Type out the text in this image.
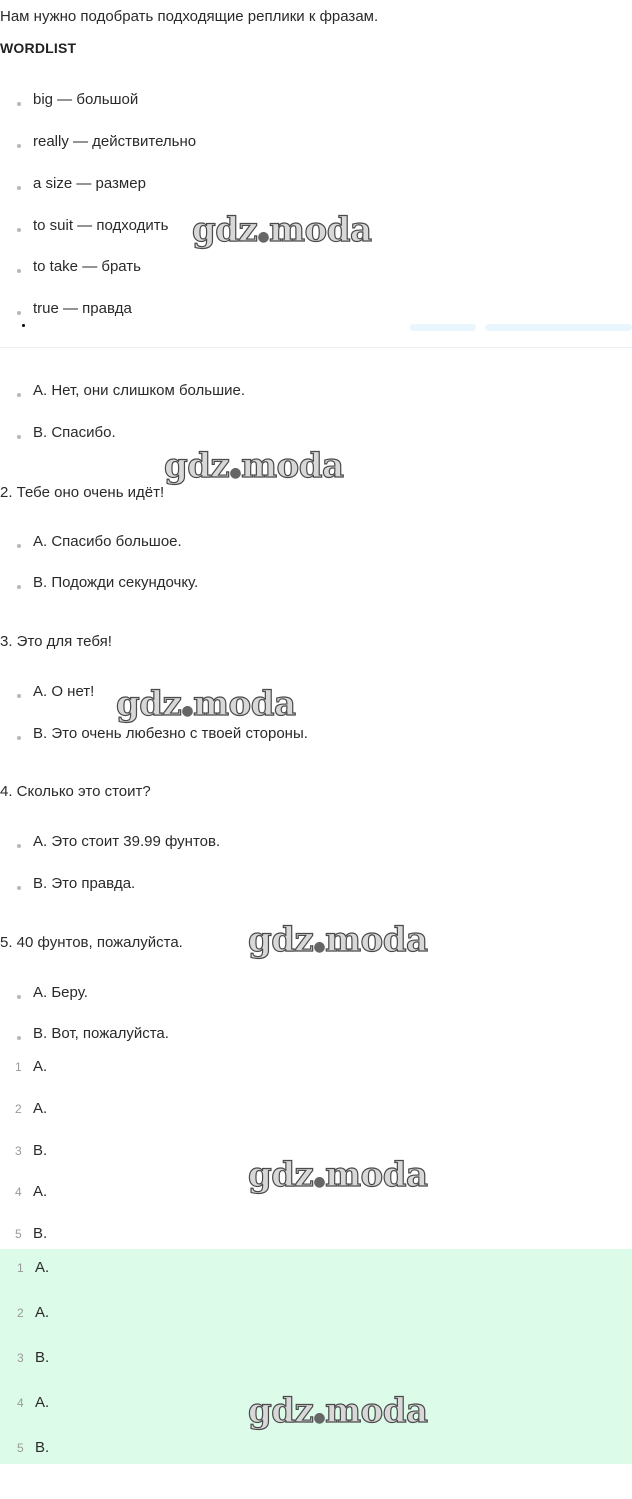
Нам нужно подобрать подходящие реплики к фразам.
WORDLIST
big — большой
really — действительно
a size — размер
to suit — подходить
to take — брать
true — правда
A. Нет, они слишком большие.
B. Спасибо.
2. Тебе оно очень идёт!
A. Спасибо большое.
B. Подожди секундочку.
3. Это для тебя!
A. О нет!
B. Это очень любезно с твоей стороны.
4. Сколько это стоит?
A. Это стоит 39.99 фунтов.
B. Это правда.
5. 40 фунтов, пожалуйста.
A. Беру.
B. Вот, пожалуйста.
1 A.
2 A.
3 B.
4 A.
5 B.
1 A.
2 A.
3 B.
4 A.
5 B.
gdz●moda
gdz●moda
gdz●moda
gdz●moda
gdz●moda
gdz●moda
